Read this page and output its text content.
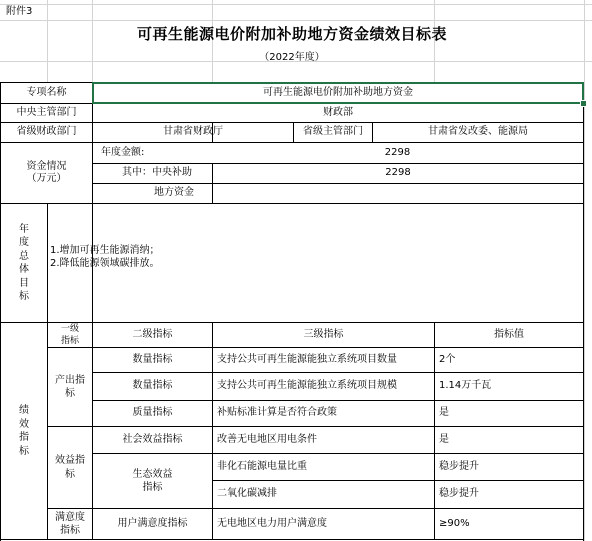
附件3
可再生能源电价附加补助地方资金绩效目标表
（2022年度）
专项名称	可再生能源电价附加补助地方资金
中央主管部门	财政部
省级财政部门	甘肃省财政厅	省级主管部门	甘肃省发改委、能源局
资金情况
（万元）
年度金额:	2298
其中：中央补助	2298
地方资金
年
度
总
体
目
标
1.增加可再生能源消纳；
2.降低能源领域碳排放。
绩
效
指
标
一级
指标
二级指标	三级指标	指标值
产出指
标
数量指标	支持公共可再生能源能独立系统项目数量	2个
数量指标	支持公共可再生能源能独立系统项目规模	1.14万千瓦
质量指标	补贴标准计算是否符合政策	是
效益指
标
社会效益指标	改善无电地区用电条件	是
生态效益
指标
非化石能源电量比重	稳步提升
二氧化碳减排	稳步提升
满意度
指标
用户满意度指标	无电地区电力用户满意度	≥90%
